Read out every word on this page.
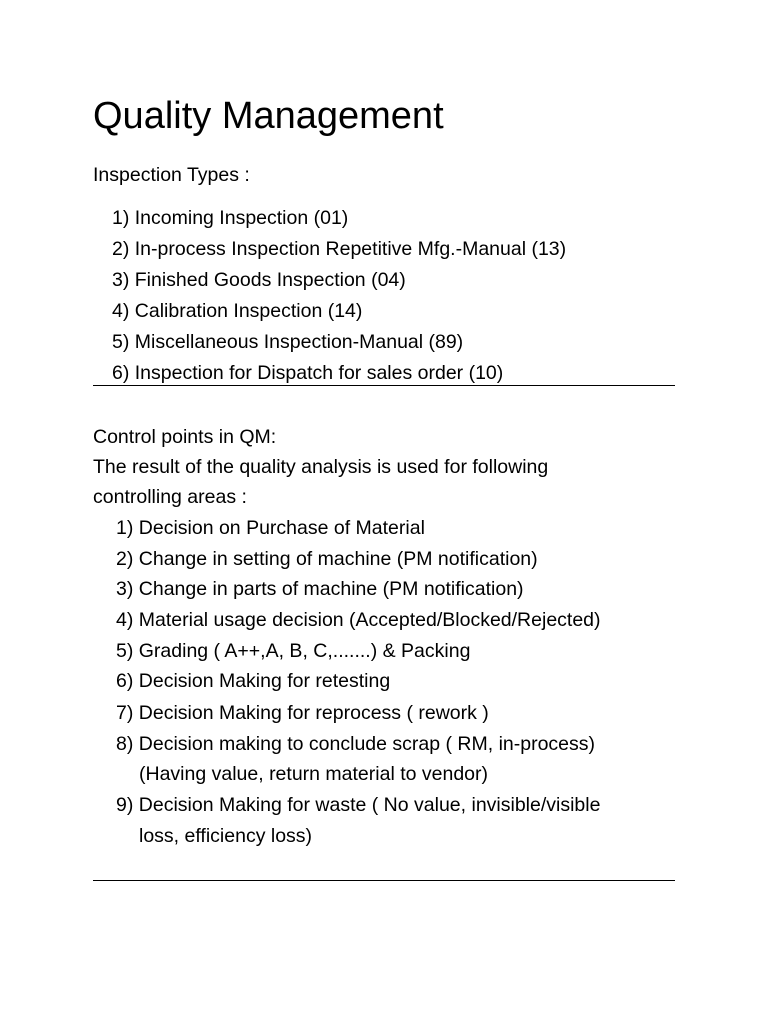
Quality Management
Inspection Types :
1) Incoming Inspection (01)
2) In-process Inspection Repetitive Mfg.-Manual (13)
3) Finished Goods Inspection (04)
4) Calibration Inspection (14)
5) Miscellaneous Inspection-Manual (89)
6) Inspection for Dispatch for sales order (10)
Control points in QM:
The result of the quality analysis is used for following
controlling areas :
1) Decision on Purchase of Material
2) Change in setting of machine (PM notification)
3) Change in parts of machine (PM notification)
4) Material usage decision (Accepted/Blocked/Rejected)
5) Grading ( A++,A, B, C,.......) & Packing
6) Decision Making for retesting
7) Decision Making for reprocess ( rework )
8) Decision making to conclude scrap ( RM, in-process)
(Having value, return material to vendor)
9) Decision Making for waste ( No value, invisible/visible
loss, efficiency loss)
